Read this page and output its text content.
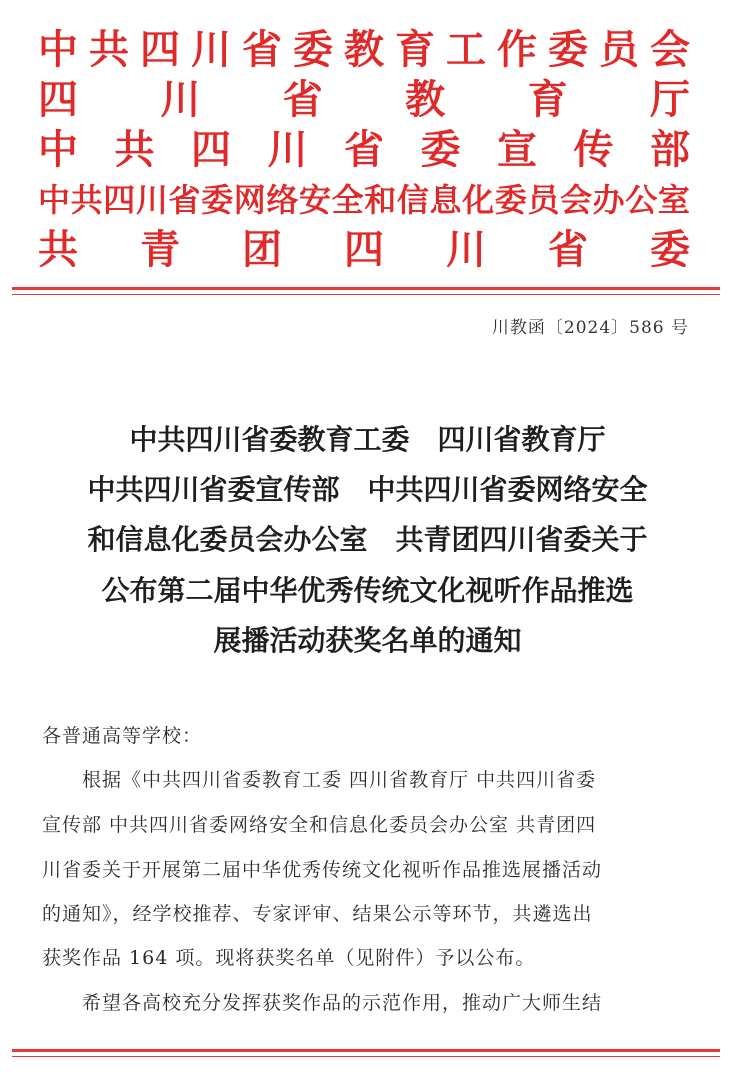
中 共 四 川 省 委 教 育 工 作 委 员 会
四 川 省 教 育 厅
中 共 四 川 省 委 宣 传 部
中 共 四 川 省 委 网 络 安 全 和 信 息 化 委 员 会 办 公 室
共 青 团 四 川 省 委
川教函〔2024〕586 号
中共四川省委教育工委　四川省教育厅
中共四川省委宣传部　中共四川省委网络安全
和信息化委员会办公室　共青团四川省委关于
公布第二届中华优秀传统文化视听作品推选
展播活动获奖名单的通知
各普通高等学校：
　　根据《中共四川省委教育工委 四川省教育厅 中共四川省委
宣传部 中共四川省委网络安全和信息化委员会办公室 共青团四
川省委关于开展第二届中华优秀传统文化视听作品推选展播活动
的通知》，经学校推荐、专家评审、结果公示等环节，共遴选出
获奖作品 164 项。现将获奖名单（见附件）予以公布。
　　希望各高校充分发挥获奖作品的示范作用，推动广大师生结
